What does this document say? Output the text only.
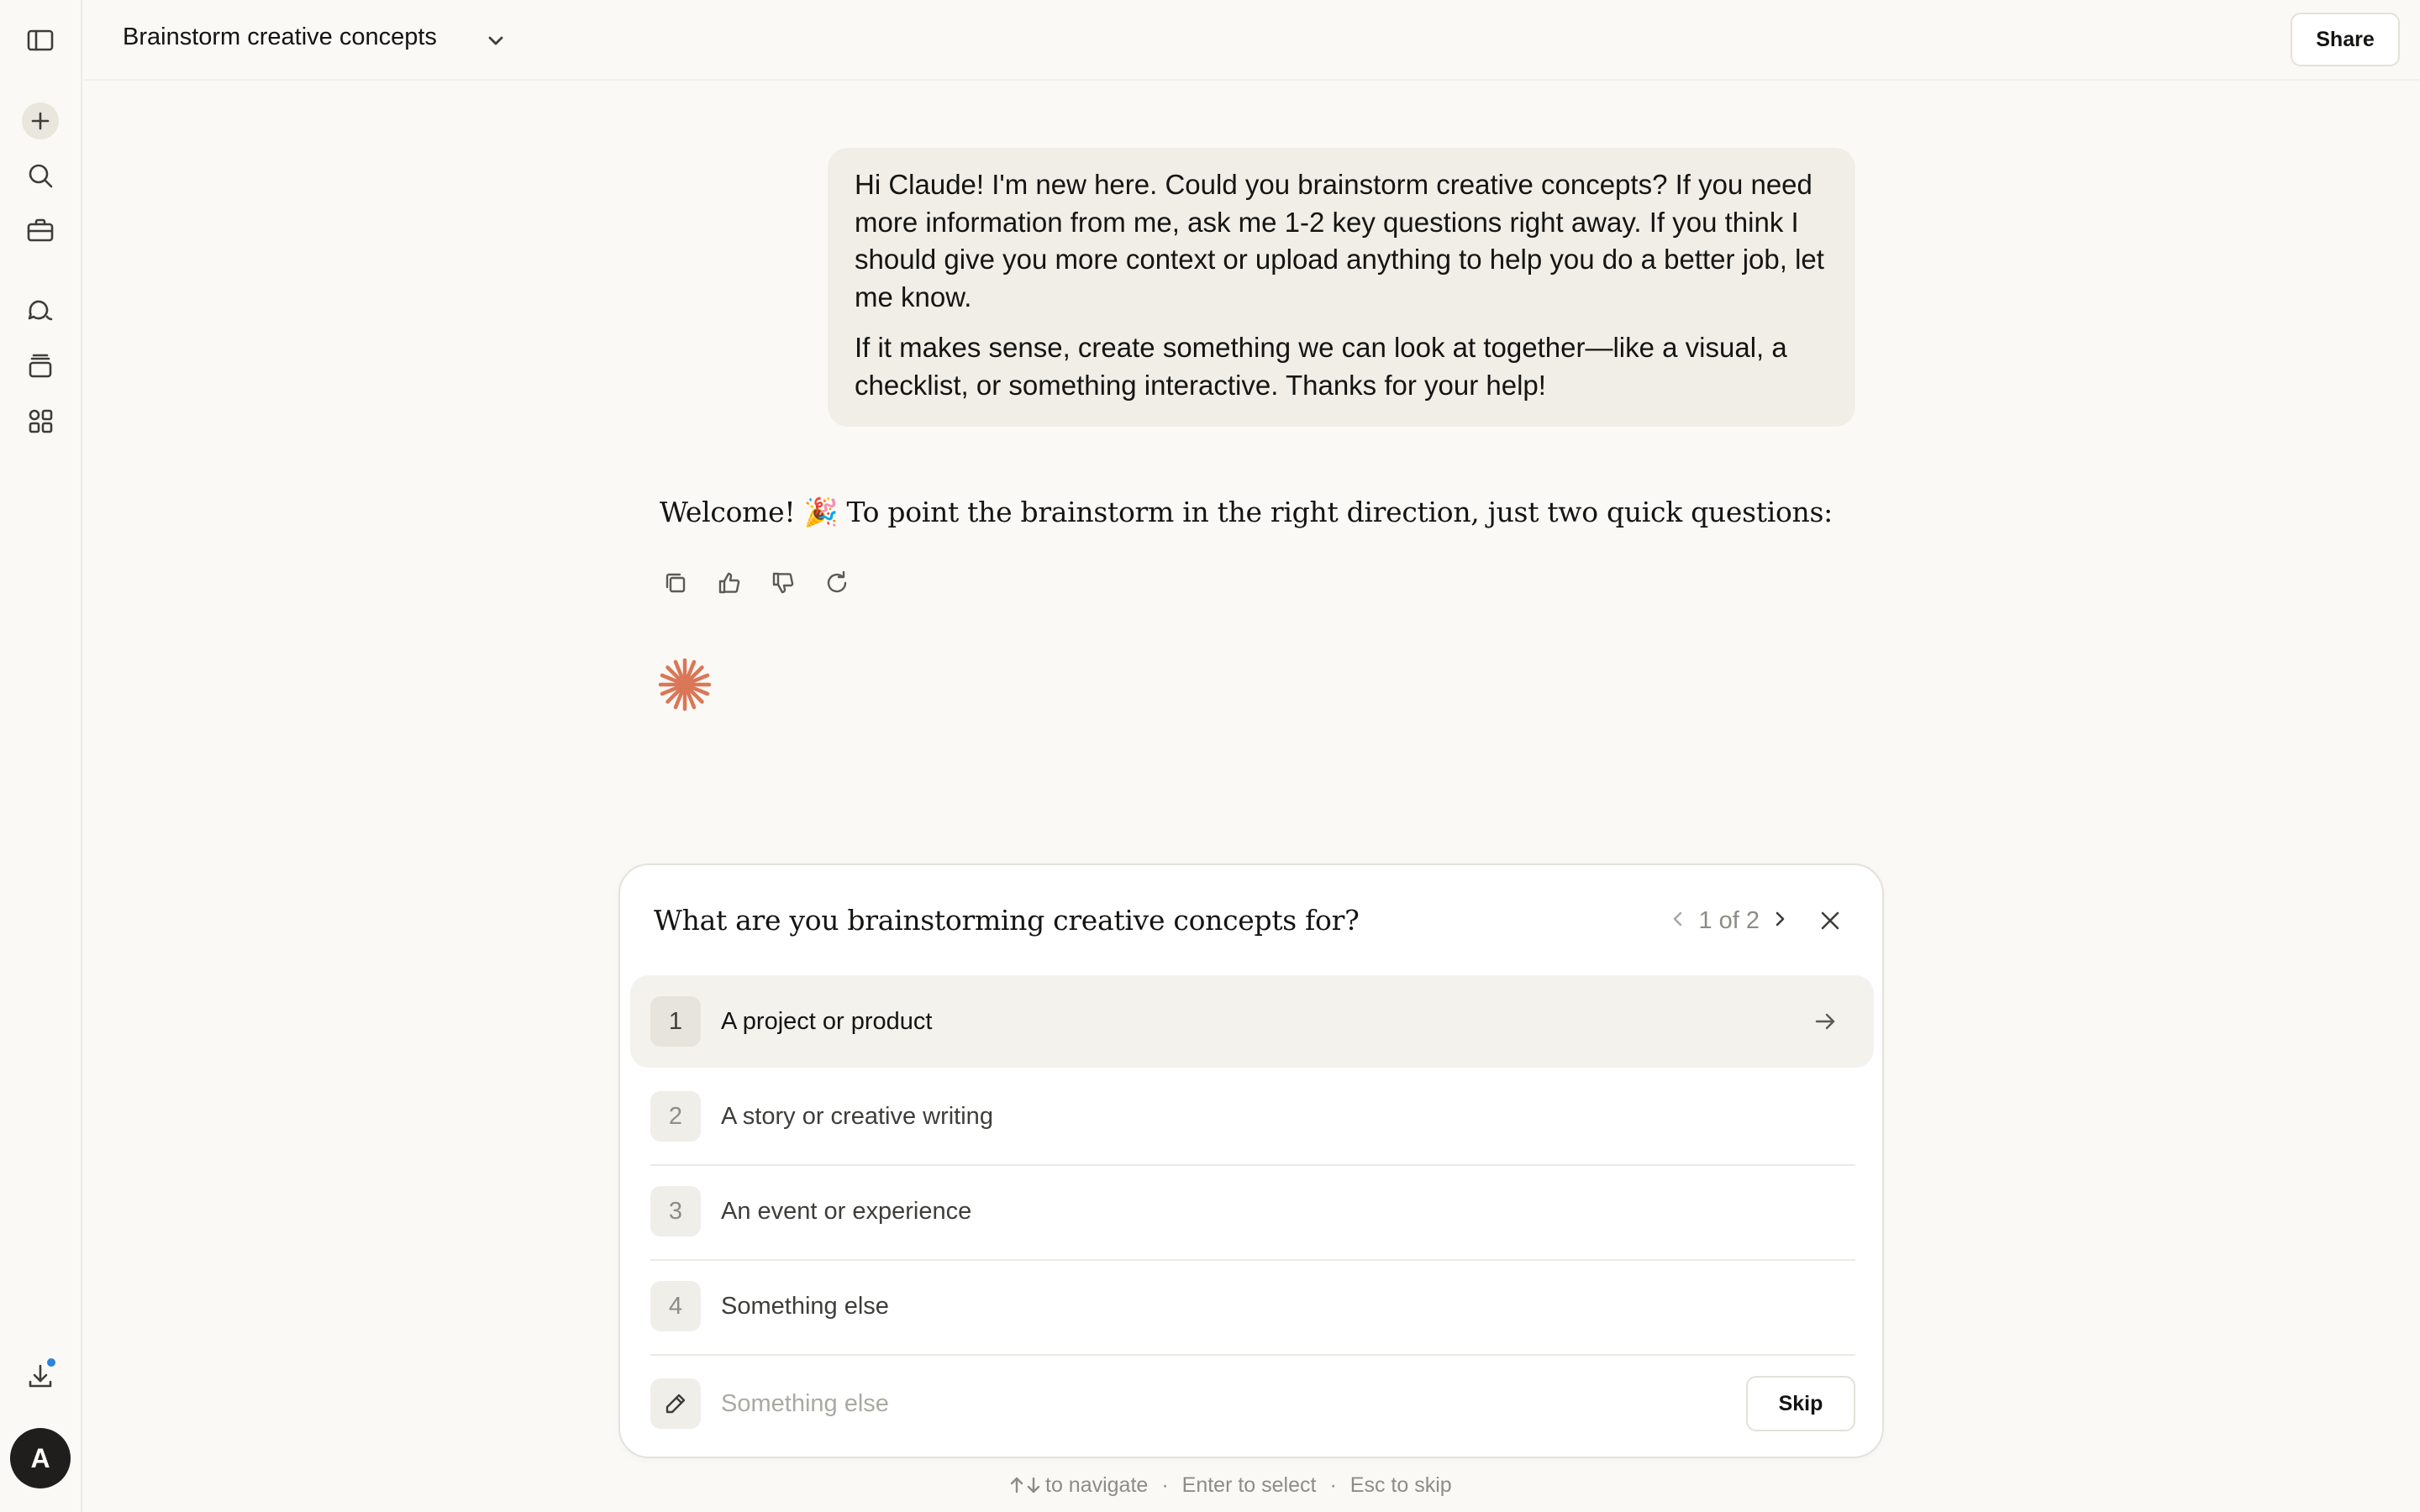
A
Brainstorm creative concepts	Share

Hi Claude! I'm new here. Could you brainstorm creative concepts? If you need more information from me, ask me 1-2 key questions right away. If you think I should give you more context or upload anything to help you do a better job, let me know.

If it makes sense, create something we can look at together—like a visual, a checklist, or something interactive. Thanks for your help!

Welcome! 🎉 To point the brainstorm in the right direction, just two quick questions:
What are you brainstorming creative concepts for?	1 of 2
1	A project or product
2	A story or creative writing
3	An event or experience
4	Something else
Something else
Skip
to navigate · Enter to select · Esc to skip
